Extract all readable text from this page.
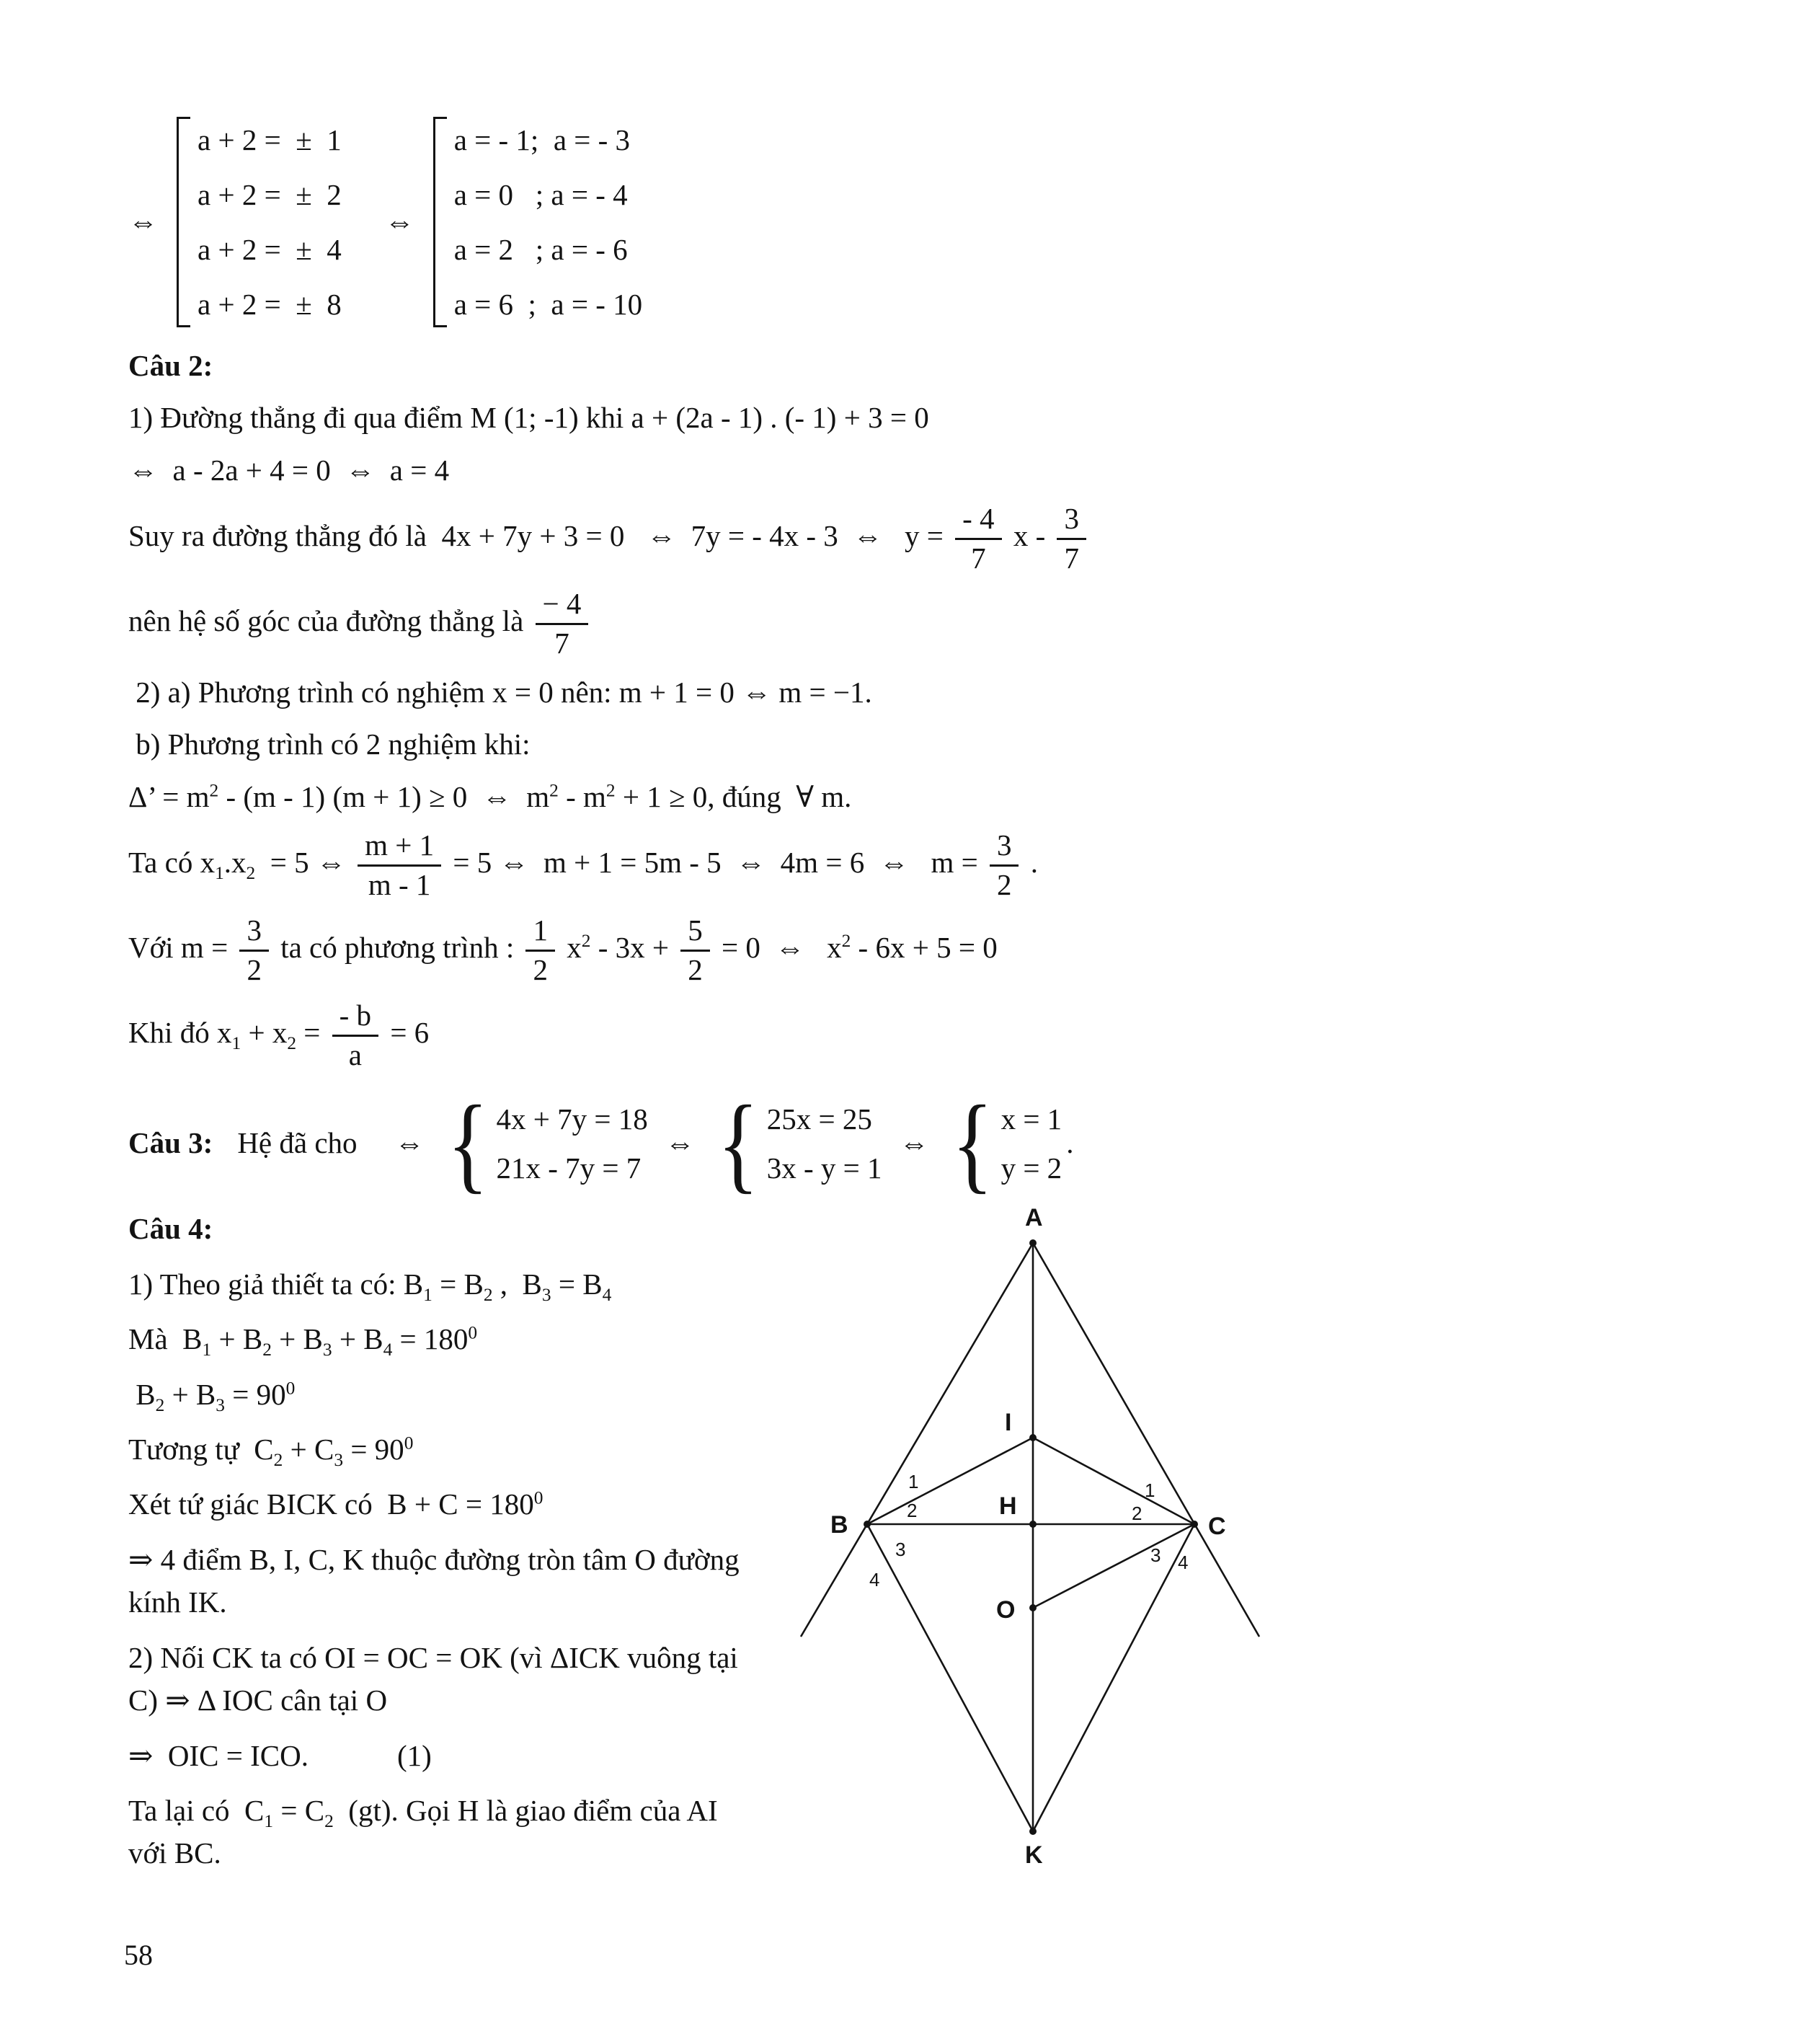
⇔
a + 2 =  ±  1
a + 2 =  ±  2
a + 2 =  ±  4
a + 2 =  ±  8
⇔
a = - 1;  a = - 3
a = 0   ; a = - 4
a = 2   ; a = - 6
a = 6  ;  a = - 10

Câu 2:

1) Đường thẳng đi qua điểm M (1; -1) khi a + (2a - 1) . (- 1) + 3 = 0

⇔  a - 2a + 4 = 0  ⇔  a = 4

Suy ra đường thẳng đó là  4x + 7y + 3 = 0   ⇔  7y = - 4x - 3  ⇔   $y = \frac{- 4}{7}$ x - $\frac{3}{7}$

nên hệ số góc của đường thẳng là $\frac{- 4}{7}$

2) a) Phương trình có nghiệm x = 0 nên: m + 1 = 0 ⇔ m = −1.

b) Phương trình có 2 nghiệm khi:

Δ’ = $m^2 - (m - 1) (m + 1) \ge 0$  ⇔  $m^2 - m^2 + 1 \ge 0$, đúng  ∀ m.

Ta có $x_1.x_2 = 5$ ⇔ $\frac{m + 1}{m - 1} = 5$ ⇔  m + 1 = 5m - 5  ⇔  4m = 6  ⇔   $m = \frac{3}{2}$ .

Với $m = \frac{3}{2}$ ta có phương trình : $\frac{1}{2} x^2 - 3x + \frac{5}{2} = 0$  ⇔   $x^2 - 6x + 5 = 0$

Khi đó $x_1 + x_2 = \frac{- b}{a} = 6$

Câu 3: Hệ đã cho ⇔ { 4x + 7y = 18
21x - 7y = 7
⇔ { 25x = 25
3x - y = 1
⇔ { x = 1
y = 2
.

Câu 4:

1) Theo giả thiết ta có: $B_1 = B_2$ ,  $B_3 = B_4$

Mà  $B_1 + B_2 + B_3 + B_4 = 180^0$

$B_2 + B_3 = 90^0$

Tương tự  $C_2 + C_3 = 90^0$

Xét tứ giác BICK có  $B + C = 180^0$

⇒ 4 điểm B, I, C, K thuộc đường tròn tâm O đường kính IK.

2) Nối CK ta có OI = OC = OK (vì ΔICK vuông tại C) ⇒ Δ IOC cân tại O

⇒  OIC = ICO.            (1)

Ta lại có  $C_1 = C_2$  (gt). Gọi H là giao điểm của AI với BC.

A
B	C
I
H
O
K
1
2
3
4
1
2
3 4
58
